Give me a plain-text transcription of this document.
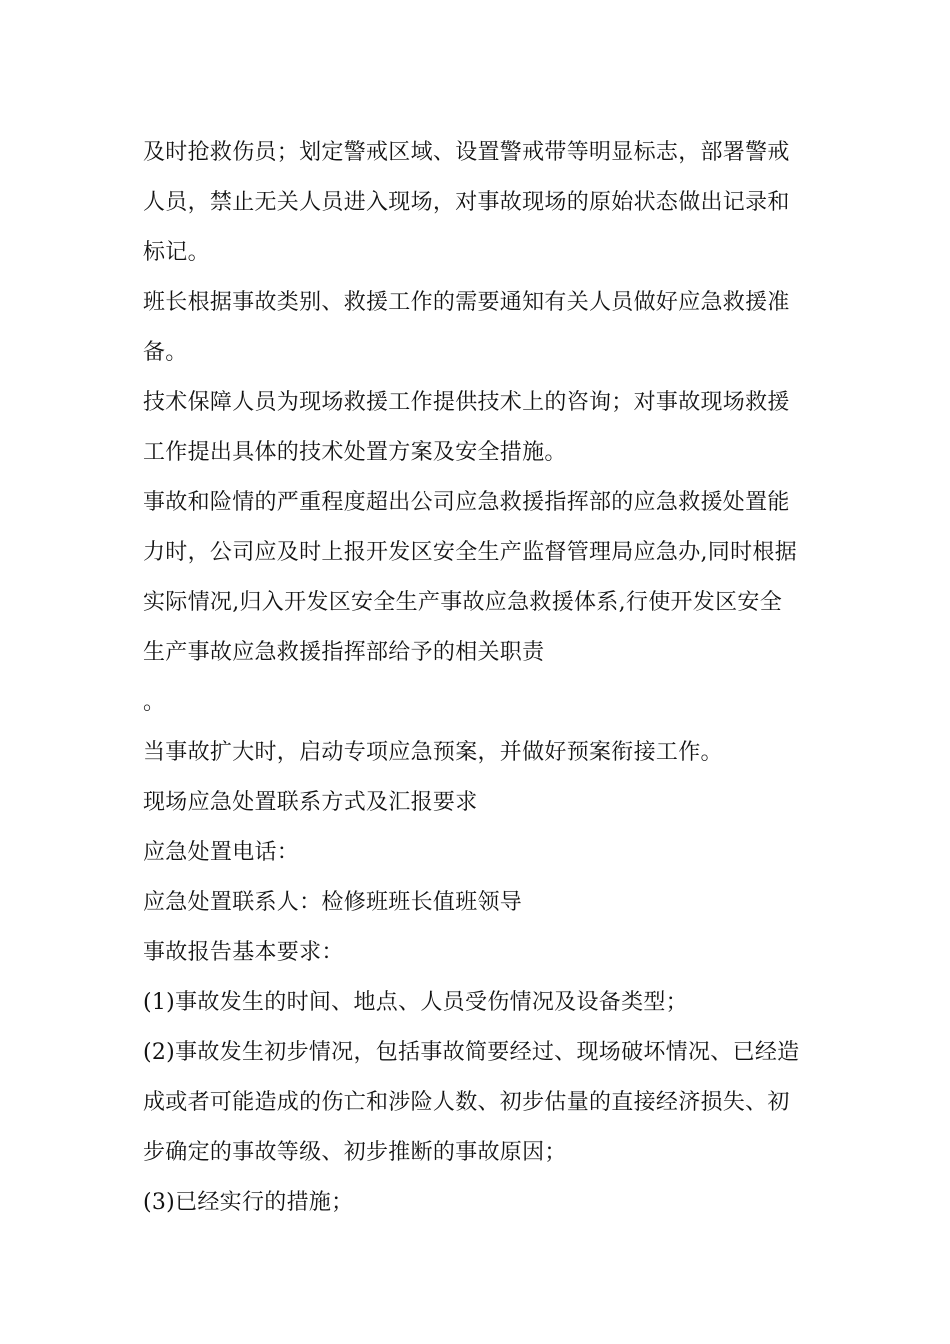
及时抢救伤员；划定警戒区域、设置警戒带等明显标志，部署警戒
人员，禁止无关人员进入现场，对事故现场的原始状态做出记录和
标记。

班长根据事故类别、救援工作的需要通知有关人员做好应急救援准
备。

技术保障人员为现场救援工作提供技术上的咨询；对事故现场救援
工作提出具体的技术处置方案及安全措施。

事故和险情的严重程度超出公司应急救援指挥部的应急救援处置能
力时，公司应及时上报开发区安全生产监督管理局应急办,同时根据
实际情况,归入开发区安全生产事故应急救援体系,行使开发区安全
生产事故应急救援指挥部给予的相关职责
。

当事故扩大时，启动专项应急预案，并做好预案衔接工作。

现场应急处置联系方式及汇报要求

应急处置电话：

应急处置联系人：检修班班长值班领导

事故报告基本要求：

(1)事故发生的时间、地点、人员受伤情况及设备类型；

(2)事故发生初步情况，包括事故简要经过、现场破坏情况、已经造
成或者可能造成的伤亡和涉险人数、初步估量的直接经济损失、初
步确定的事故等级、初步推断的事故原因；

(3)已经实行的措施；
